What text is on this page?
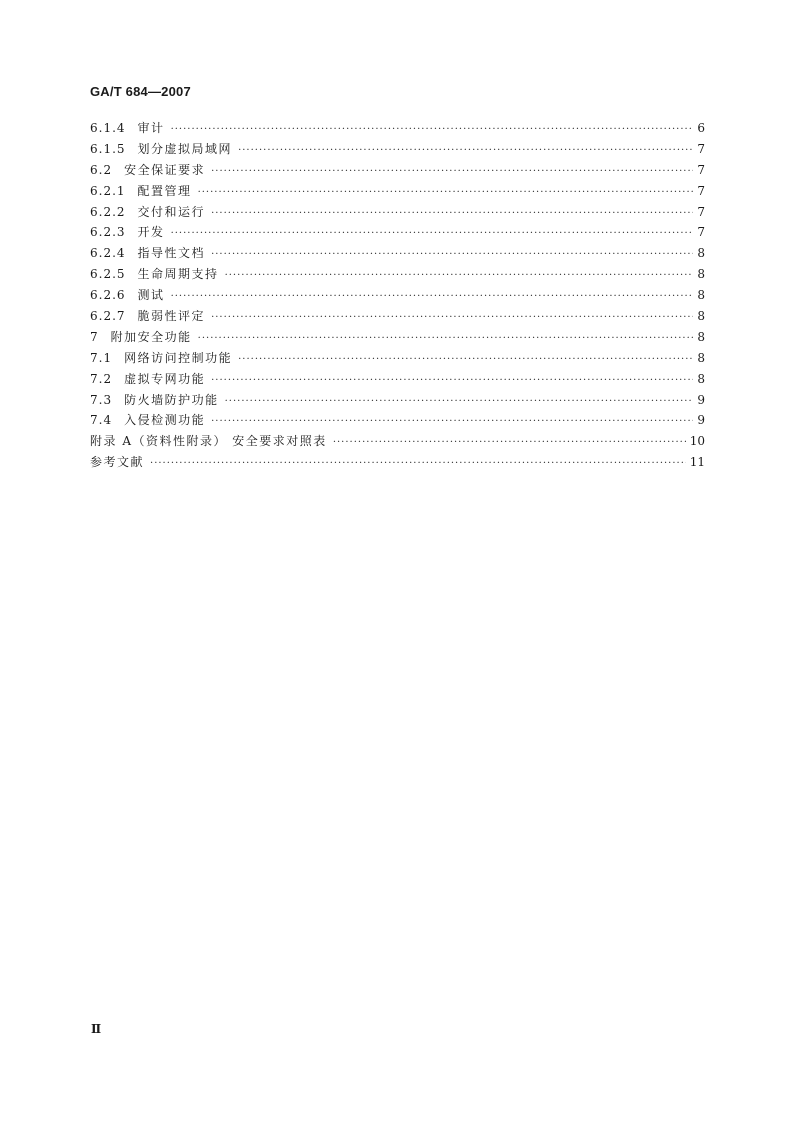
GA/T 684—2007
6.1.4 审计 ·····	6
6.1.5 划分虚拟局域网 ·····	7
6.2 安全保证要求 ·····	7
6.2.1 配置管理 ·····	7
6.2.2 交付和运行 ·····	7
6.2.3 开发 ·····	7
6.2.4 指导性文档 ·····	8
6.2.5 生命周期支持 ·····	8
6.2.6 测试 ·····	8
6.2.7 脆弱性评定 ·····	8
7 附加安全功能 ·····	8
7.1 网络访问控制功能 ·····	8
7.2 虚拟专网功能 ·····	8
7.3 防火墙防护功能 ·····	9
7.4 入侵检测功能 ·····	9
附录 A（资料性附录） 安全要求对照表 ·····	10
参考文献 ·····	11
Ⅱ
